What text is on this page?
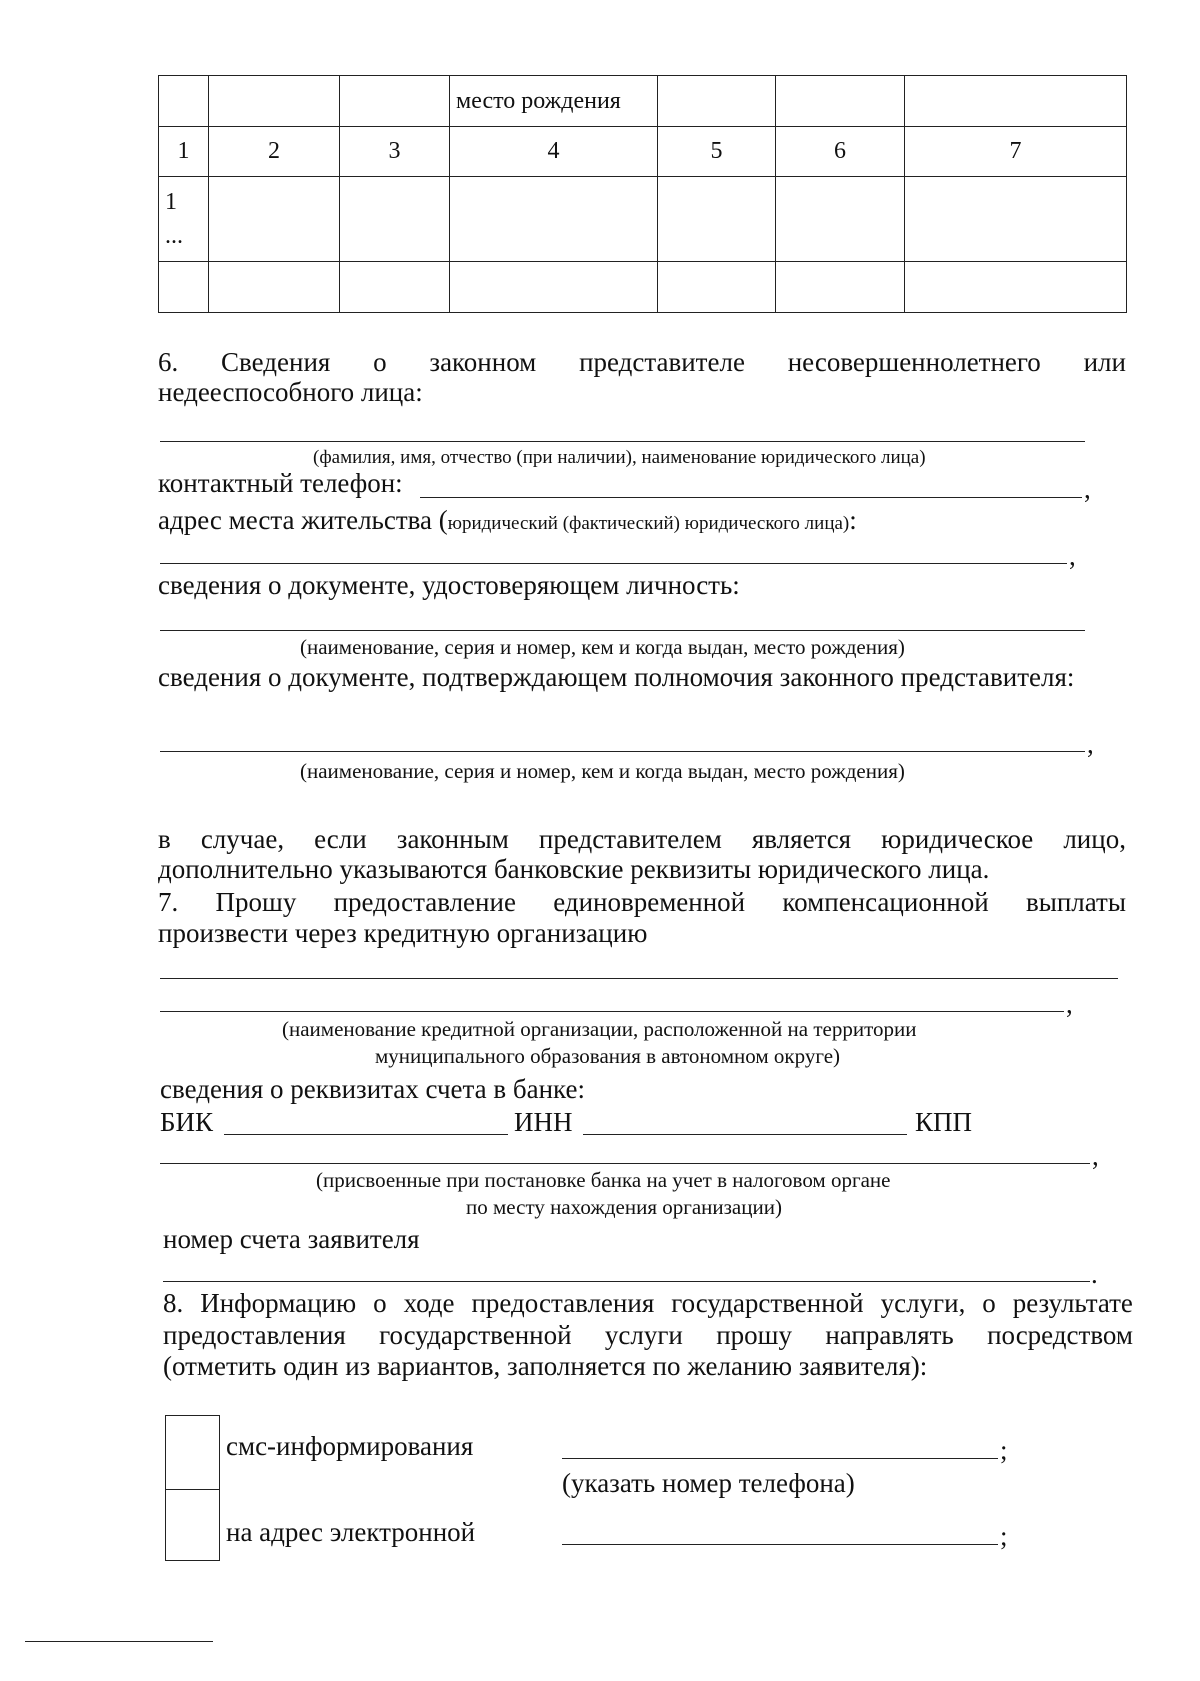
			место рождения			
1	2	3	4	5	6	7

1
...						

6. Сведения о законном представителе несовершеннолетнего или
недееспособного лица:
(фамилия, имя, отчество (при наличии), наименование юридического лица)
контактный телефон:	,
адрес места жительства (юридический (фактический) юридического лица):
,
сведения о документе, удостоверяющем личность:
(наименование, серия и номер, кем и когда выдан, место рождения)
сведения о документе, подтверждающем полномочия законного представителя:
,
(наименование, серия и номер, кем и когда выдан, место рождения)
в случае, если законным представителем является юридическое лицо,
дополнительно указываются банковские реквизиты юридического лица.
7. Прошу предоставление единовременной компенсационной выплаты
произвести через кредитную организацию
,
(наименование кредитной организации, расположенной на территории
муниципального образования в автономном округе)
сведения о реквизитах счета в банке:
БИК	ИНН	КПП
,
(присвоенные при постановке банка на учет в налоговом органе
по месту нахождения организации)
номер счета заявителя
.
8. Информацию о ходе предоставления государственной услуги, о результате
предоставления государственной услуги прошу направлять посредством
(отметить один из вариантов, заполняется по желанию заявителя):
смс-информирования	;
(указать номер телефона)
на адрес электронной	;
